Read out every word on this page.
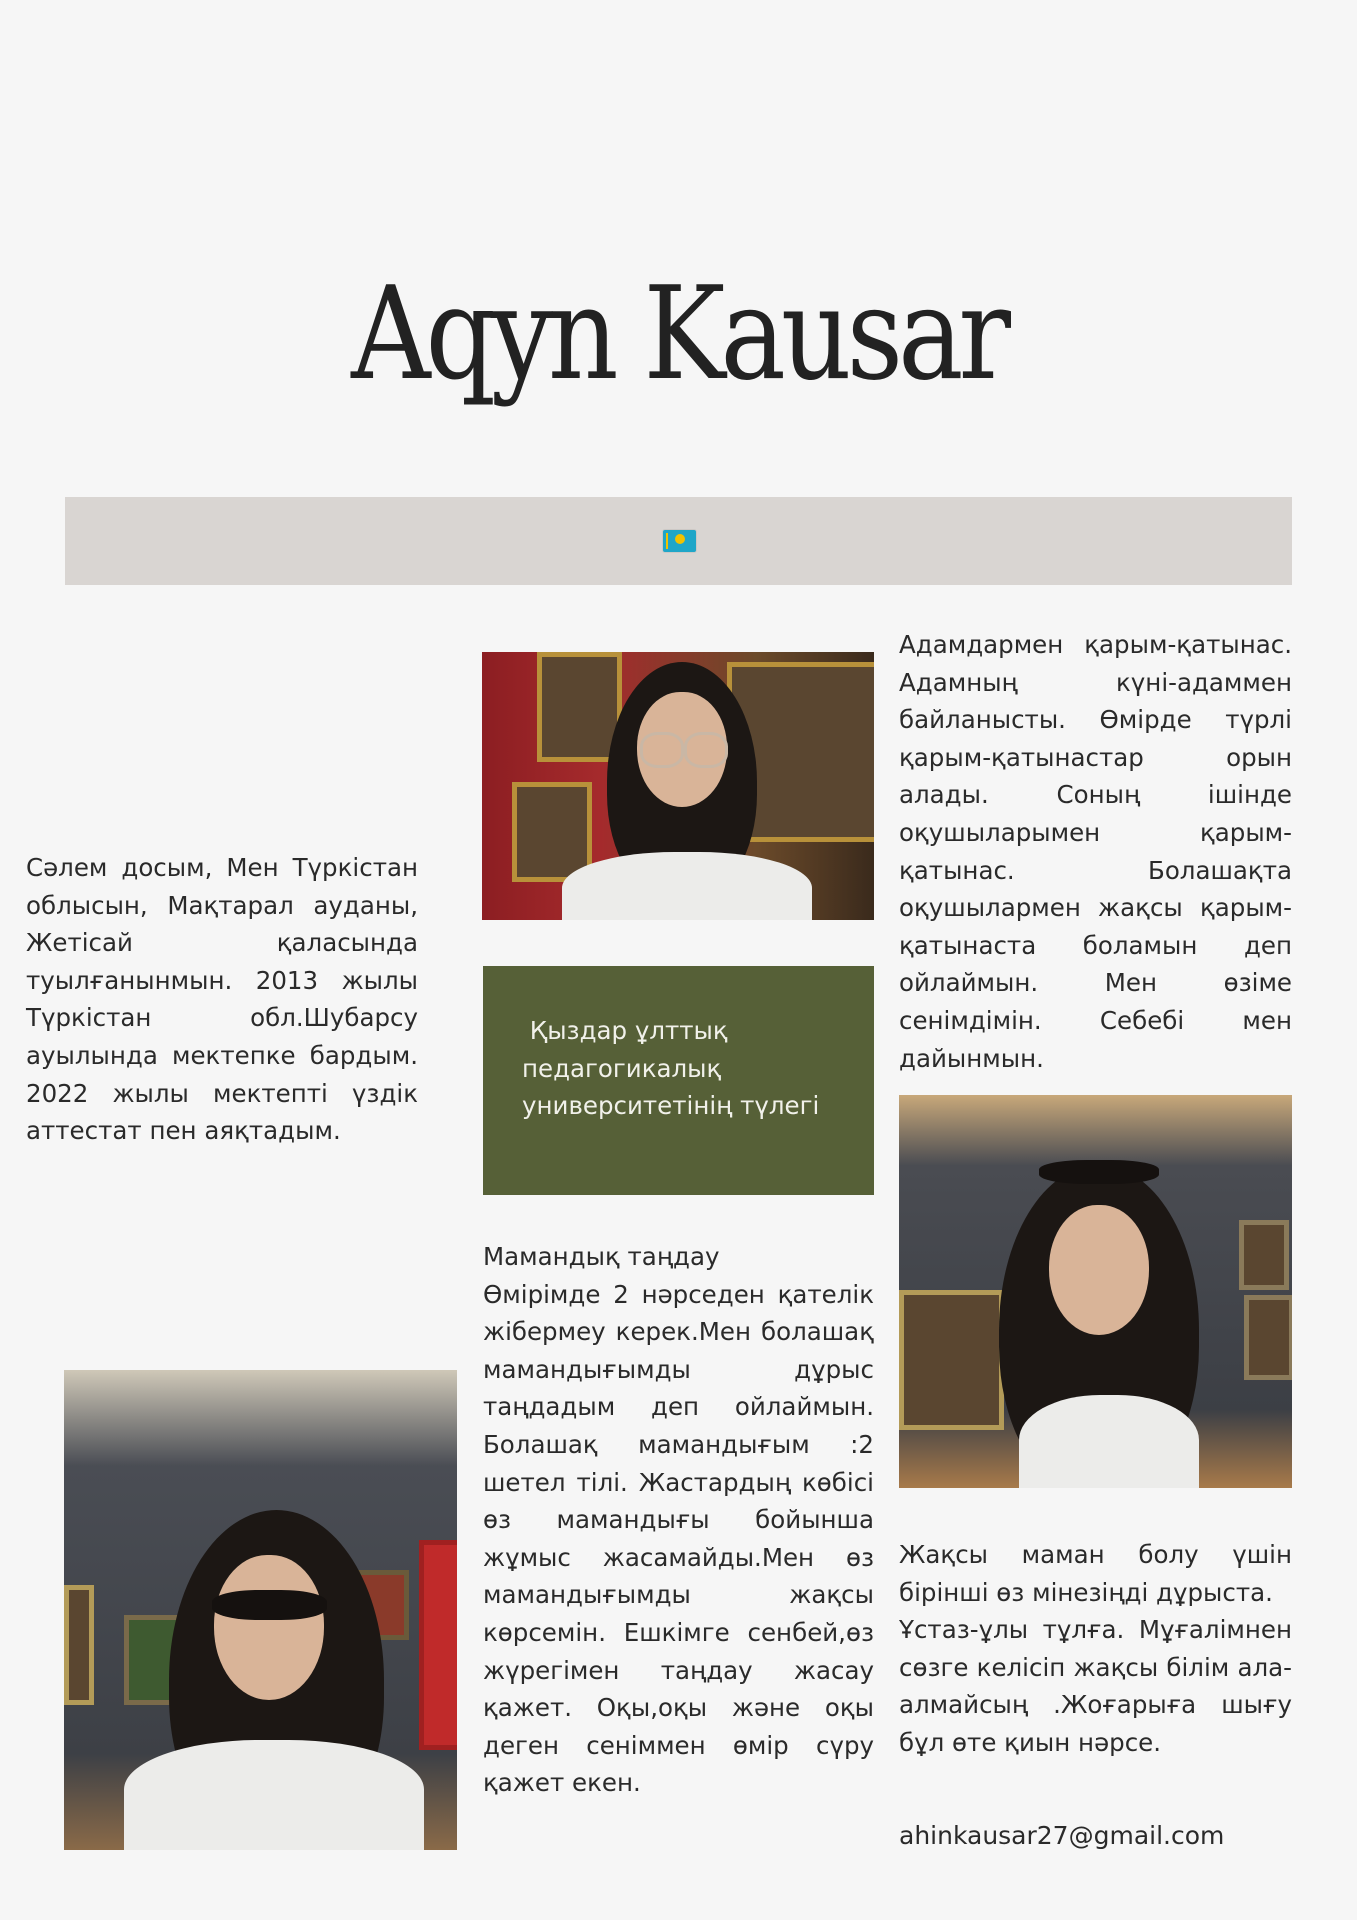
Aqyn Kausar
Сәлем досым, Мен Түркістан облысын, Мақтарал ауданы, Жетісай қаласында туылғанынмын. 2013 жылы Түркістан обл.Шубарсу ауылында мектепке бардым. 2022 жылы мектепті үздік аттестат пен аяқтадым.
Қыздар ұлттық педагогикалық университетінің түлегі
Адамдармен қарым-қатынас. Адамның күні-адаммен байланысты. Өмірде түрлі қарым-қатынастар орын алады. Соның ішінде оқушыларымен қарым-қатынас. Болашақта оқушылармен жақсы қарым-қатынаста боламын деп ойлаймын. Мен өзіме сенімдімін. Себебі мен дайынмын.
Мамандық таңдау
Өмірімде 2 нәрседен қателік жібермеу керек.Мен болашақ мамандығымды дұрыс таңдадым деп ойлаймын. Болашақ мамандығым :2 шетел тілі. Жастардың көбісі өз мамандығы бойынша жұмыс жасамайды.Мен өз мамандығымды жақсы көрсемін. Ешкімге сенбей,өз жүрегімен таңдау жасау қажет. Оқы,оқы және оқы деген сеніммен өмір сүру қажет екен.
Жақсы маман болу үшін бірінші өз мінезіңді дұрыста.
Ұстаз-ұлы тұлға. Мұғалімнен сөзге келісіп жақсы білім ала-алмайсың .Жоғарыға шығу бұл өте қиын нәрсе.
ahinkausar27@gmail.com
